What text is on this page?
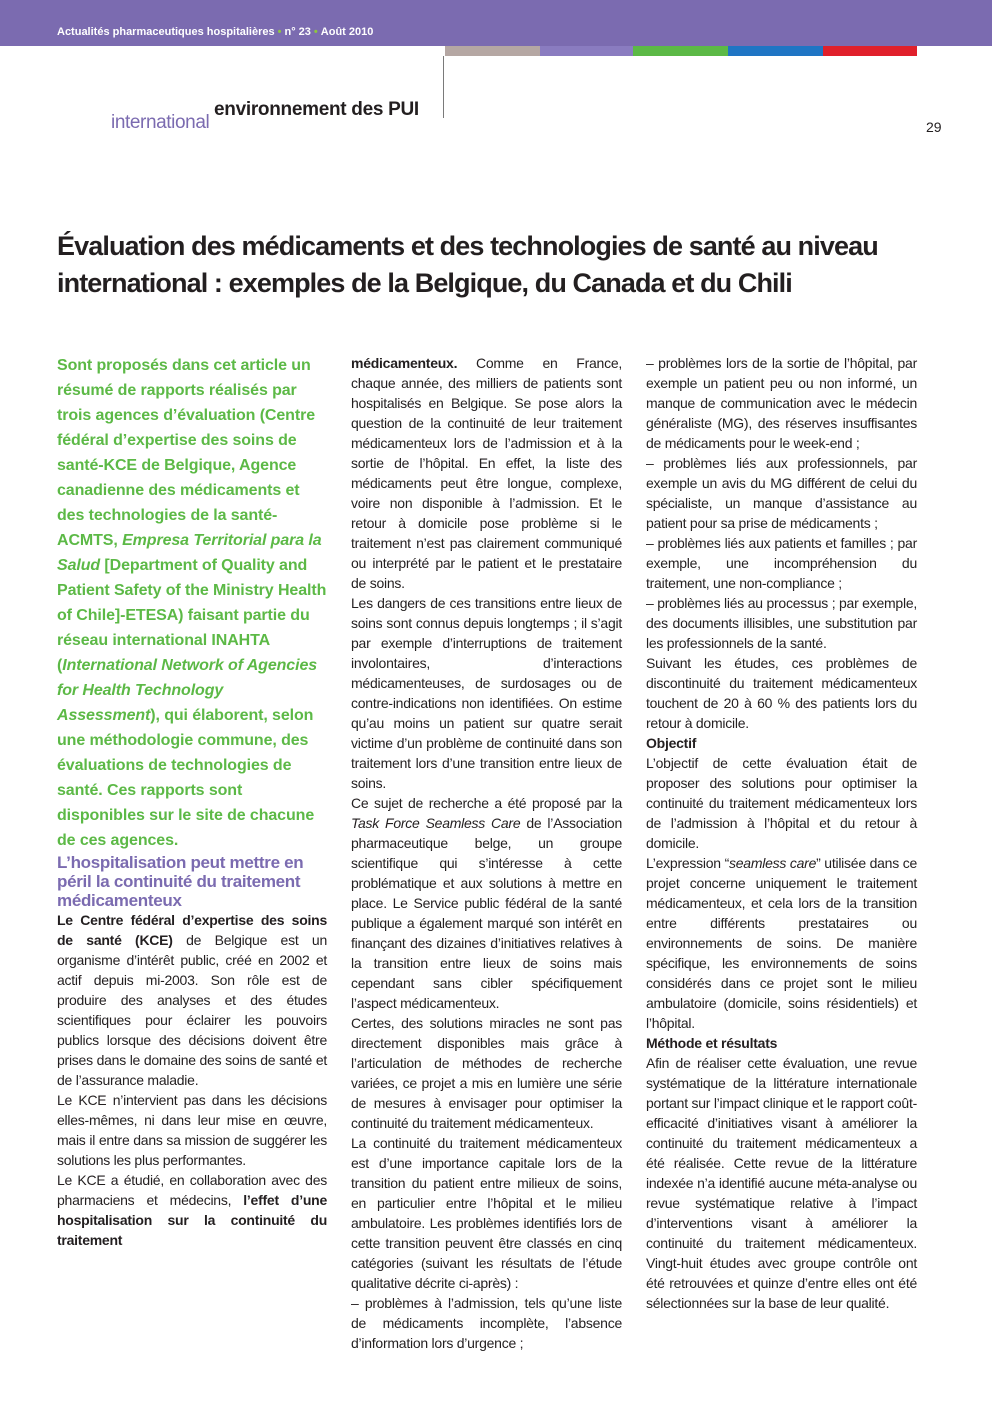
Actualités pharmaceutiques hospitalières • n° 23 • Août 2010
international
environnement des PUI
29
Évaluation des médicaments et des technologies de santé au niveau
international : exemples de la Belgique, du Canada et du Chili

Sont proposés dans cet article un résumé de rapports réalisés par trois agences d’évaluation (Centre fédéral d’expertise des soins de santé-KCE de Belgique, Agence canadienne des médicaments et des technologies de la santé-ACMTS, Empresa Territorial para la Salud [Department of Quality and Patient Safety of the Ministry Health of Chile]-ETESA) faisant partie du réseau international INAHTA (International Network of Agencies for Health Technology Assessment), qui élaborent, selon une méthodologie commune, des évaluations de technologies de santé. Ces rapports sont disponibles sur le site de chacune de ces agences.

L’hospitalisation peut mettre en péril la continuité du traitement médicamenteux

Le Centre fédéral d’expertise des soins de santé (KCE) de Belgique est un organisme d’intérêt public, créé en 2002 et actif depuis mi-2003. Son rôle est de produire des analyses et des études scientifiques pour éclairer les pouvoirs publics lorsque des décisions doivent être prises dans le domaine des soins de santé et de l’assurance maladie.

Le KCE n’intervient pas dans les décisions elles-mêmes, ni dans leur mise en œuvre, mais il entre dans sa mission de suggérer les solutions les plus performantes.

Le KCE a étudié, en collaboration avec des pharmaciens et médecins, l’effet d’une hospitalisation sur la continuité du traitement

médicamenteux. Comme en France, chaque année, des milliers de patients sont hospitalisés en Belgique. Se pose alors la question de la continuité de leur traitement médicamenteux lors de l’admission et à la sortie de l’hôpital. En effet, la liste des médicaments peut être longue, complexe, voire non disponible à l’admission. Et le retour à domicile pose problème si le traitement n’est pas clairement communiqué ou interprété par le patient et le prestataire de soins.

Les dangers de ces transitions entre lieux de soins sont connus depuis longtemps ; il s’agit par exemple d’interruptions de traitement involontaires, d’interactions médicamenteuses, de surdosages ou de contre-indications non identifiées. On estime qu’au moins un patient sur quatre serait victime d’un problème de continuité dans son traitement lors d’une transition entre lieux de soins.

Ce sujet de recherche a été proposé par la Task Force Seamless Care de l’Association pharmaceutique belge, un groupe scientifique qui s’intéresse à cette problématique et aux solutions à mettre en place. Le Service public fédéral de la santé publique a également marqué son intérêt en finançant des dizaines d’initiatives relatives à la transition entre lieux de soins mais cependant sans cibler spécifiquement l’aspect médicamenteux.

Certes, des solutions miracles ne sont pas directement disponibles mais grâce à l’articulation de méthodes de recherche variées, ce projet a mis en lumière une série de mesures à envisager pour optimiser la continuité du traitement médicamenteux.

La continuité du traitement médicamenteux est d’une importance capitale lors de la transition du patient entre milieux de soins, en particulier entre l’hôpital et le milieu ambulatoire. Les problèmes identifiés lors de cette transition peuvent être classés en cinq catégories (suivant les résultats de l’étude qualitative décrite ci-après) :

– problèmes à l’admission, tels qu’une liste de médicaments incomplète, l’absence d’information lors d’urgence ;

– problèmes lors de la sortie de l’hôpital, par exemple un patient peu ou non informé, un manque de communication avec le médecin généraliste (MG), des réserves insuffisantes de médicaments pour le week-end ;

– problèmes liés aux professionnels, par exemple un avis du MG différent de celui du spécialiste, un manque d’assistance au patient pour sa prise de médicaments ;

– problèmes liés aux patients et familles ; par exemple, une incompréhension du traitement, une non-compliance ;

– problèmes liés au processus ; par exemple, des documents illisibles, une substitution par les professionnels de la santé.

Suivant les études, ces problèmes de discontinuité du traitement médicamenteux touchent de 20 à 60 % des patients lors du retour à domicile.

Objectif

L’objectif de cette évaluation était de proposer des solutions pour optimiser la continuité du traitement médicamenteux lors de l’admission à l’hôpital et du retour à domicile.

L’expression “seamless care” utilisée dans ce projet concerne uniquement le traitement médicamenteux, et cela lors de la transition entre différents prestataires ou environnements de soins. De manière spécifique, les environnements de soins considérés dans ce projet sont le milieu ambulatoire (domicile, soins résidentiels) et l’hôpital.

Méthode et résultats

Afin de réaliser cette évaluation, une revue systématique de la littérature internationale portant sur l’impact clinique et le rapport coût-efficacité d’initiatives visant à améliorer la continuité du traitement médicamenteux a été réalisée. Cette revue de la littérature indexée n’a identifié aucune méta-analyse ou revue systématique relative à l’impact d’interventions visant à améliorer la continuité du traitement médicamenteux. Vingt-huit études avec groupe contrôle ont été retrouvées et quinze d’entre elles ont été sélectionnées sur la base de leur qualité.
